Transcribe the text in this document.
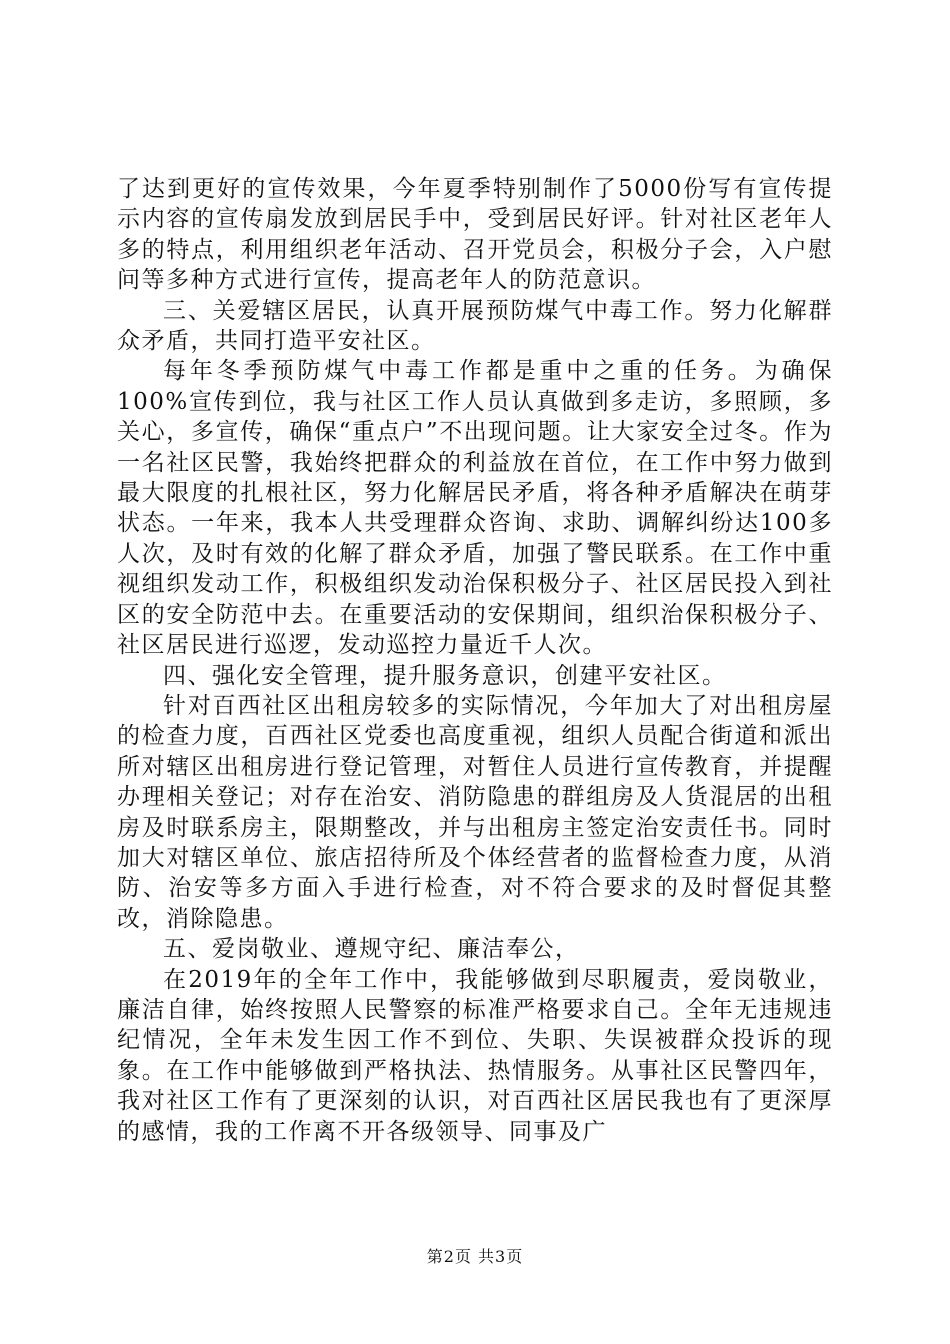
了达到更好的宣传效果，今年夏季特别制作了5000份写有宣传提示内容的宣传扇发放到居民手中，受到居民好评。针对社区老年人多的特点，利用组织老年活动、召开党员会，积极分子会，入户慰问等多种方式进行宣传，提高老年人的防范意识。

三、关爱辖区居民，认真开展预防煤气中毒工作。努力化解群众矛盾，共同打造平安社区。

每年冬季预防煤气中毒工作都是重中之重的任务。为确保100%宣传到位，我与社区工作人员认真做到多走访，多照顾，多关心，多宣传，确保“重点户”不出现问题。让大家安全过冬。作为一名社区民警，我始终把群众的利益放在首位，在工作中努力做到最大限度的扎根社区，努力化解居民矛盾，将各种矛盾解决在萌芽状态。一年来，我本人共受理群众咨询、求助、调解纠纷达100多人次，及时有效的化解了群众矛盾，加强了警民联系。在工作中重视组织发动工作，积极组织发动治保积极分子、社区居民投入到社区的安全防范中去。在重要活动的安保期间，组织治保积极分子、社区居民进行巡逻，发动巡控力量近千人次。

四、强化安全管理，提升服务意识，创建平安社区。

针对百西社区出租房较多的实际情况，今年加大了对出租房屋的检查力度，百西社区党委也高度重视，组织人员配合街道和派出所对辖区出租房进行登记管理，对暂住人员进行宣传教育，并提醒办理相关登记；对存在治安、消防隐患的群组房及人货混居的出租房及时联系房主，限期整改，并与出租房主签定治安责任书。同时加大对辖区单位、旅店招待所及个体经营者的监督检查力度，从消防、治安等多方面入手进行检查，对不符合要求的及时督促其整改，消除隐患。

五、爱岗敬业、遵规守纪、廉洁奉公，

在2019年的全年工作中，我能够做到尽职履责，爱岗敬业，廉洁自律，始终按照人民警察的标准严格要求自己。全年无违规违纪情况，全年未发生因工作不到位、失职、失误被群众投诉的现象。在工作中能够做到严格执法、热情服务。从事社区民警四年，我对社区工作有了更深刻的认识，对百西社区居民我也有了更深厚的感情，我的工作离不开各级领导、同事及广

第2页 共3页
